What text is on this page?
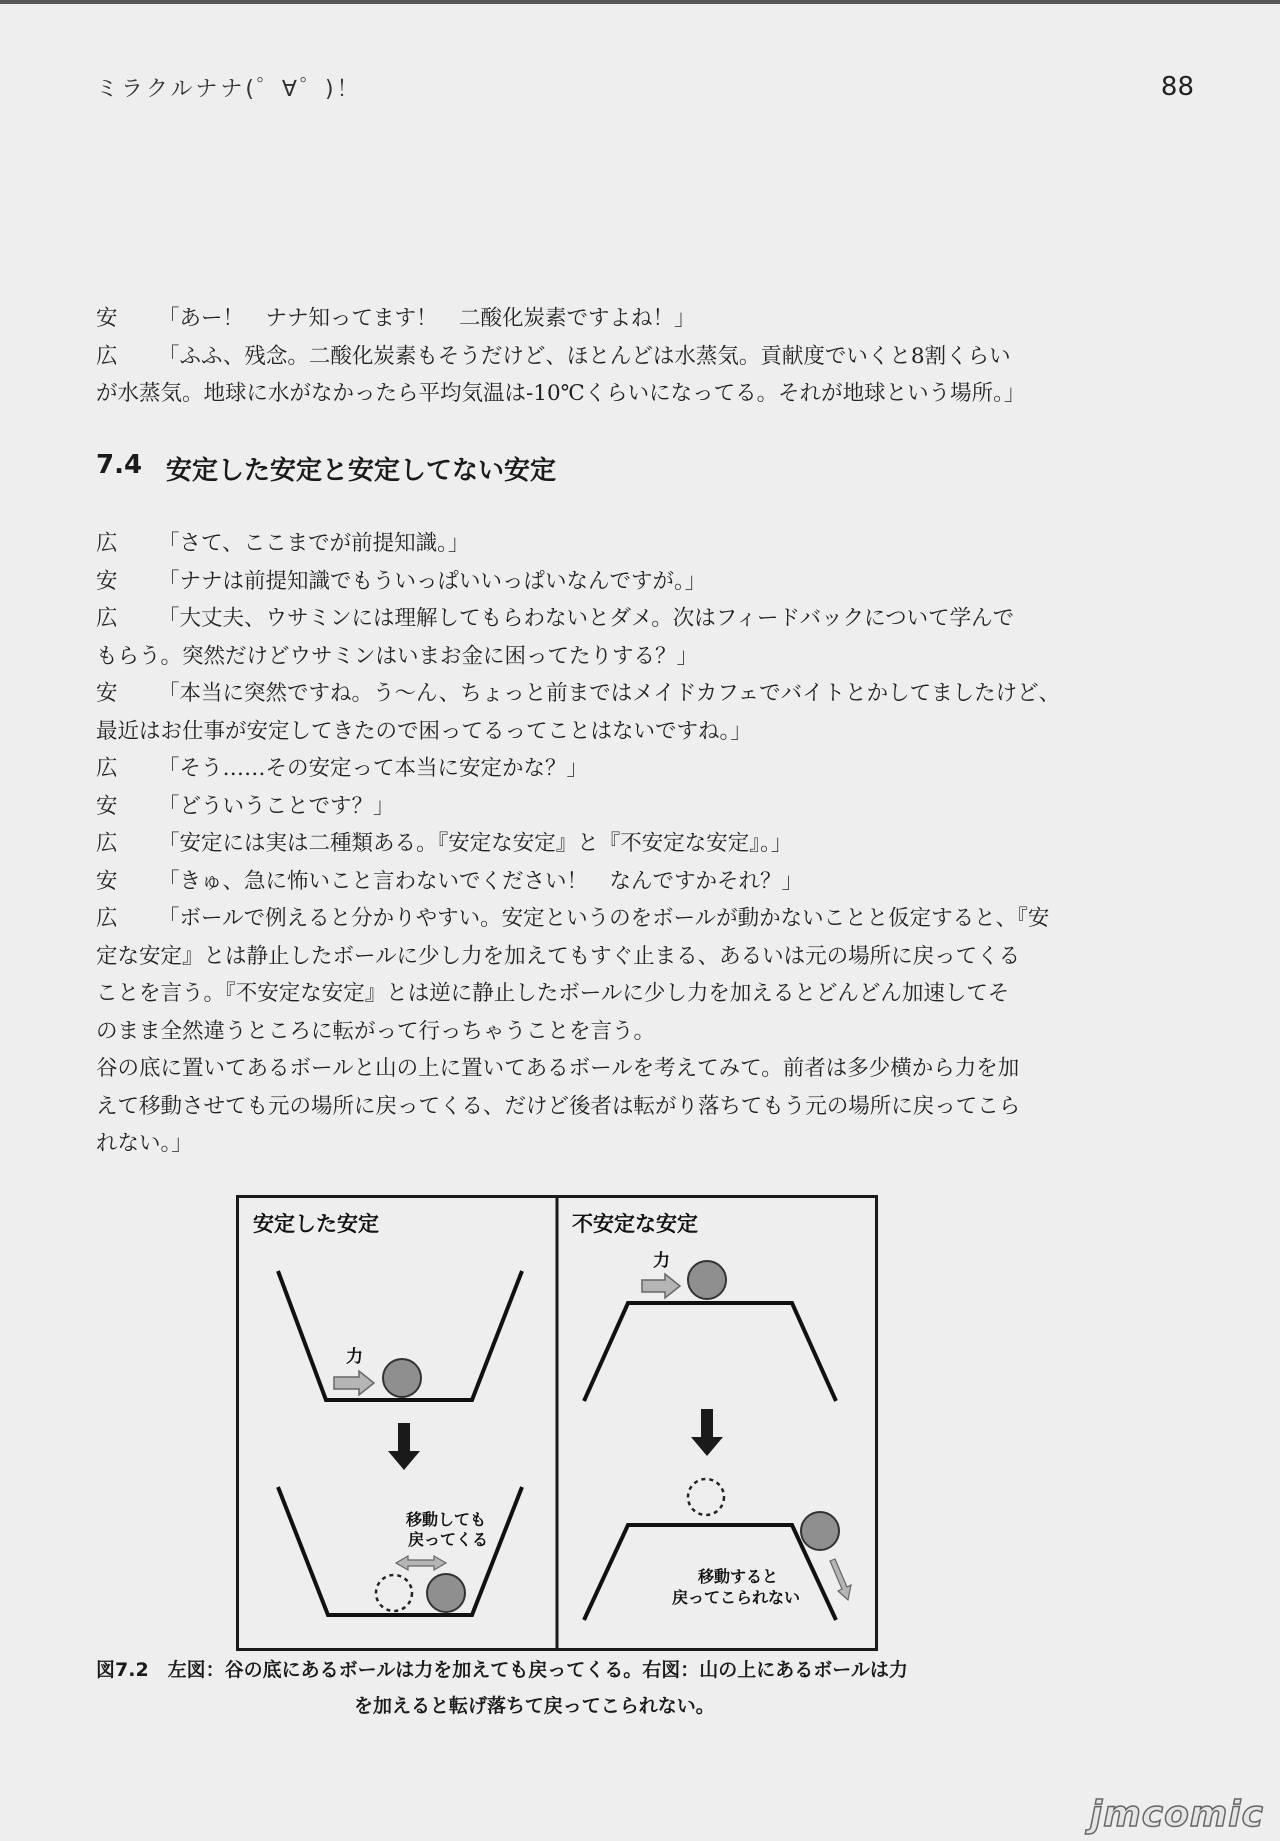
ミラクルナナ(゜∀゜)！	88
安	「あー！　ナナ知ってます！　二酸化炭素ですよね！」
広	「ふふ、残念。二酸化炭素もそうだけど、ほとんどは水蒸気。貢献度でいくと8割くらい
が水蒸気。地球に水がなかったら平均気温は-10℃くらいになってる。それが地球という場所。」
7.4 安定した安定と安定してない安定
広	「さて、ここまでが前提知識。」
安	「ナナは前提知識でもういっぱいいっぱいなんですが。」
広	「大丈夫、ウサミンには理解してもらわないとダメ。次はフィードバックについて学んで
もらう。突然だけどウサミンはいまお金に困ってたりする？」
安	「本当に突然ですね。う～ん、ちょっと前まではメイドカフェでバイトとかしてましたけど、
最近はお仕事が安定してきたので困ってるってことはないですね。」
広	「そう……その安定って本当に安定かな？」
安	「どういうことです？」
広	「安定には実は二種類ある。『安定な安定』と『不安定な安定』。」
安	「きゅ、急に怖いこと言わないでください！　なんですかそれ？」
広	「ボールで例えると分かりやすい。安定というのをボールが動かないことと仮定すると、『安
定な安定』とは静止したボールに少し力を加えてもすぐ止まる、あるいは元の場所に戻ってくる
ことを言う。『不安定な安定』とは逆に静止したボールに少し力を加えるとどんどん加速してそ
のまま全然違うところに転がって行っちゃうことを言う。
谷の底に置いてあるボールと山の上に置いてあるボールを考えてみて。前者は多少横から力を加
えて移動させても元の場所に戻ってくる、だけど後者は転がり落ちてもう元の場所に戻ってこら
れない。」
安定した安定
力
移動しても
戻ってくる
不安定な安定
力
移動すると
戻ってこられない
図7.2　左図：谷の底にあるボールは力を加えても戻ってくる。右図：山の上にあるボールは力
を加えると転げ落ちて戻ってこられない。
jmcomic
